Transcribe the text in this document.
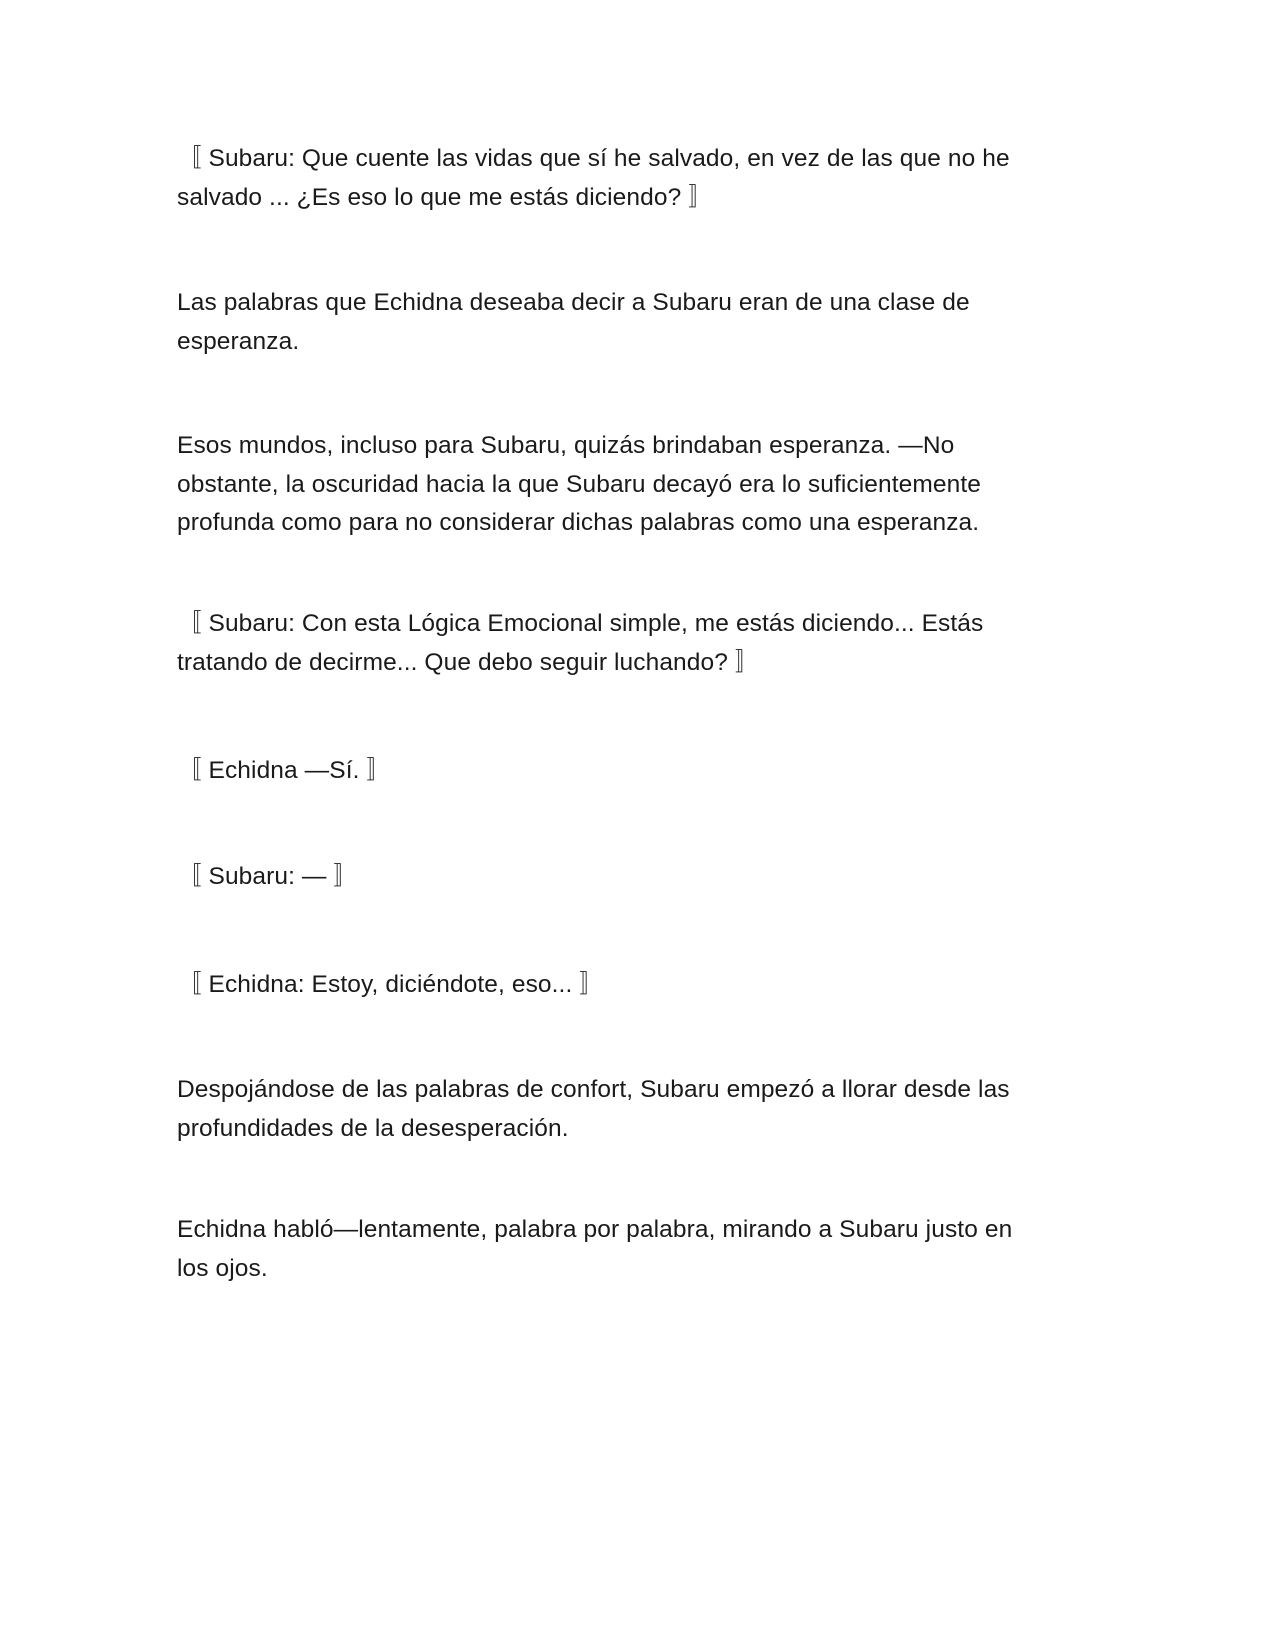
〚 Subaru: Que cuente las vidas que sí he salvado, en vez de las que no he
salvado ... ¿Es eso lo que me estás diciendo? 〛

Las palabras que Echidna deseaba decir a Subaru eran de una clase de
esperanza.

Esos mundos, incluso para Subaru, quizás brindaban esperanza. —No
obstante, la oscuridad hacia la que Subaru decayó era lo suficientemente
profunda como para no considerar dichas palabras como una esperanza.

〚 Subaru: Con esta Lógica Emocional simple, me estás diciendo... Estás
tratando de decirme... Que debo seguir luchando? 〛

〚 Echidna —Sí. 〛

〚 Subaru: — 〛

〚 Echidna: Estoy, diciéndote, eso... 〛

Despojándose de las palabras de confort, Subaru empezó a llorar desde las
profundidades de la desesperación.

Echidna habló—lentamente, palabra por palabra, mirando a Subaru justo en
los ojos.
